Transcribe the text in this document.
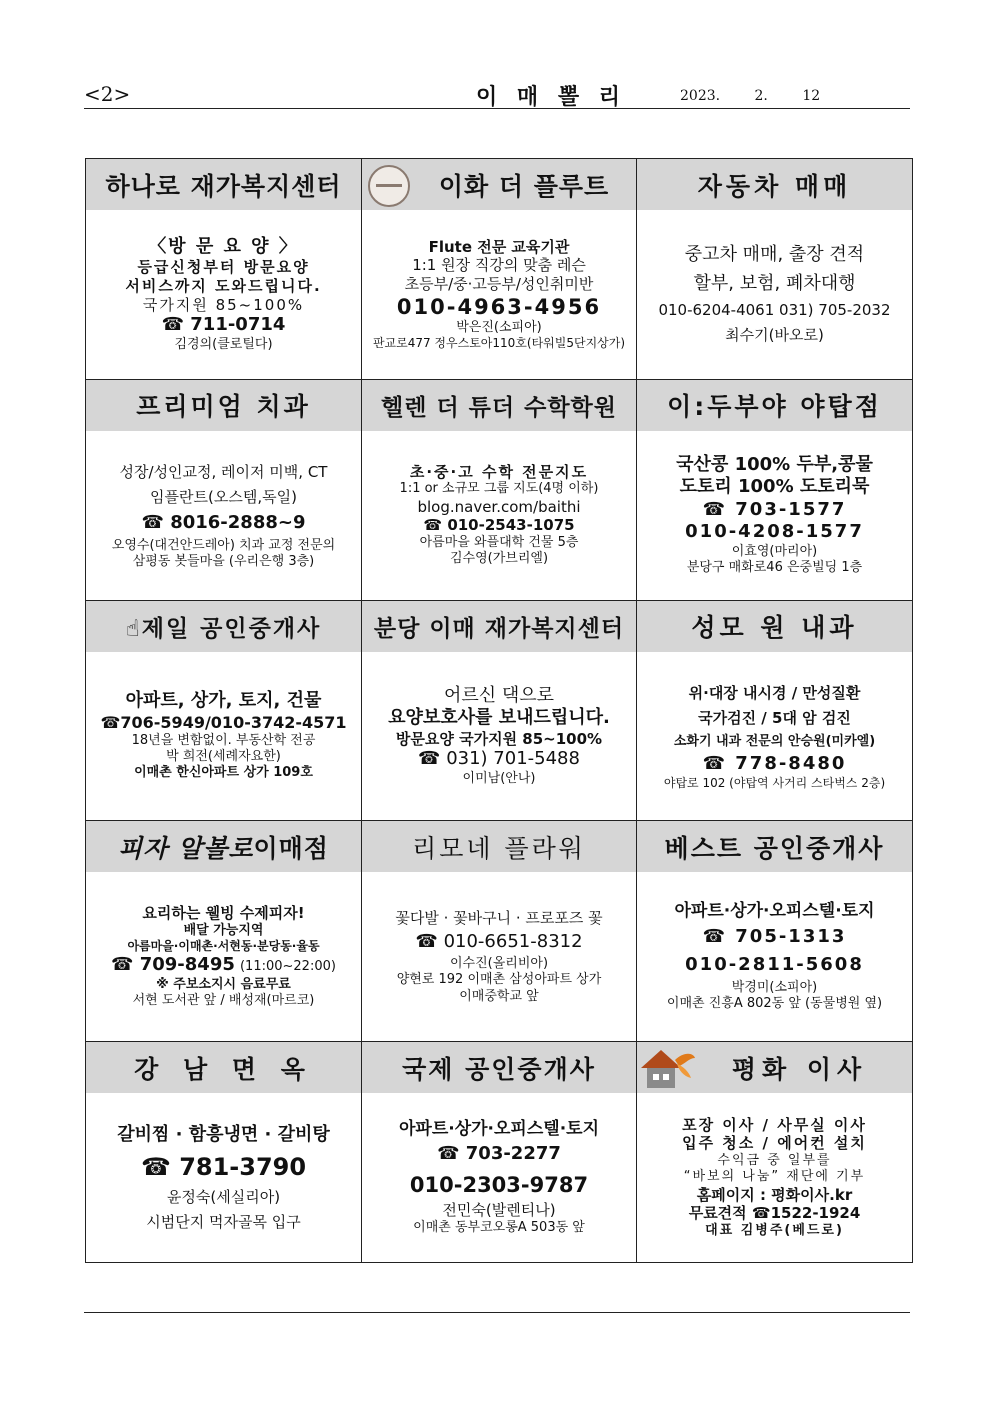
<2>	이 매 뽈 리	2023. 2. 12
하나로 재가복지센터
〈방 문 요 양 〉
등급신청부터 방문요양
서비스까지 도와드립니다.
국가지원 85~100%
☎ 711-0714
김경의(클로틸다)
이화 더 플루트
Flute 전문 교육기관
1:1 원장 직강의 맞춤 레슨
초등부/중·고등부/성인취미반
010-4963-4956
박은진(소피아)
판교로477 정우스토아110호(타워빌5단지상가)
자동차 매매
중고차 매매, 출장 견적
할부, 보험, 폐차대행
010-6204-4061 031) 705-2032
최수기(바오로)
프리미엄 치과
성장/성인교정, 레이저 미백, CT
임플란트(오스템,독일)
☎ 8016-2888~9
오영수(대건안드레아) 치과 교정 전문의
삼평동 봇들마을 (우리은행 3층)
헬렌 더 튜더 수학학원
초·중·고 수학 전문지도
1:1 or 소규모 그룹 지도(4명 이하)
blog.naver.com/baithi
☎ 010-2543-1075
아름마을 와플대학 건물 5층
김수영(가브리엘)
이:두부야 야탑점
국산콩 100% 두부,콩물
도토리 100% 도토리묵
☎ 703-1577
010-4208-1577
이효영(마리아)
분당구 매화로46 은중빌딩 1층
☝제일 공인중개사
아파트, 상가, 토지, 건물
☎706-5949/010-3742-4571
18년을 변함없이. 부동산학 전공
박 희전(세례자요한)
이매촌 한신아파트 상가 109호
분당 이매 재가복지센터
어르신 댁으로
요양보호사를 보내드립니다.
방문요양 국가지원 85~100%
☎ 031) 701-5488
이미남(안나)
성모 원 내과
위·대장 내시경 / 만성질환
국가검진 / 5대 암 검진
소화기 내과 전문의 안승원(미카엘)
☎ 778-8480
야탑로 102 (야탑역 사거리 스타벅스 2층)
피자 알볼로 이매점
요리하는 웰빙 수제피자!
배달 가능지역
아름마을·이매촌·서현동·분당동·율동
☎ 709-8495 (11:00~22:00)
※ 주보소지시 음료무료
서현 도서관 앞 / 배성재(마르코)
리모네 플라워
꽃다발 · 꽃바구니 · 프로포즈 꽃
☎ 010-6651-8312
이수진(올리비아)
양현로 192 이매촌 삼성아파트 상가
이매중학교 앞
베스트 공인중개사
아파트·상가·오피스텔·토지
☎ 705-1313
010-2811-5608
박경미(소피아)
이매촌 진흥A 802동 앞 (동물병원 옆)
강 남 면 옥
갈비찜 · 함흥냉면 · 갈비탕
☎ 781-3790
윤정숙(세실리아)
시범단지 먹자골목 입구
국제 공인중개사
아파트·상가·오피스텔·토지
☎ 703-2277
010-2303-9787
전민숙(발렌티나)
이매촌 동부코오롱A 503동 앞
평화 이사
포장 이사 / 사무실 이사
입주 청소 / 에어컨 설치
수익금 중 일부를
“바보의 나눔” 재단에 기부
홈페이지 : 평화이사.kr
무료견적 ☎1522-1924
대표 김병주(베드로)
